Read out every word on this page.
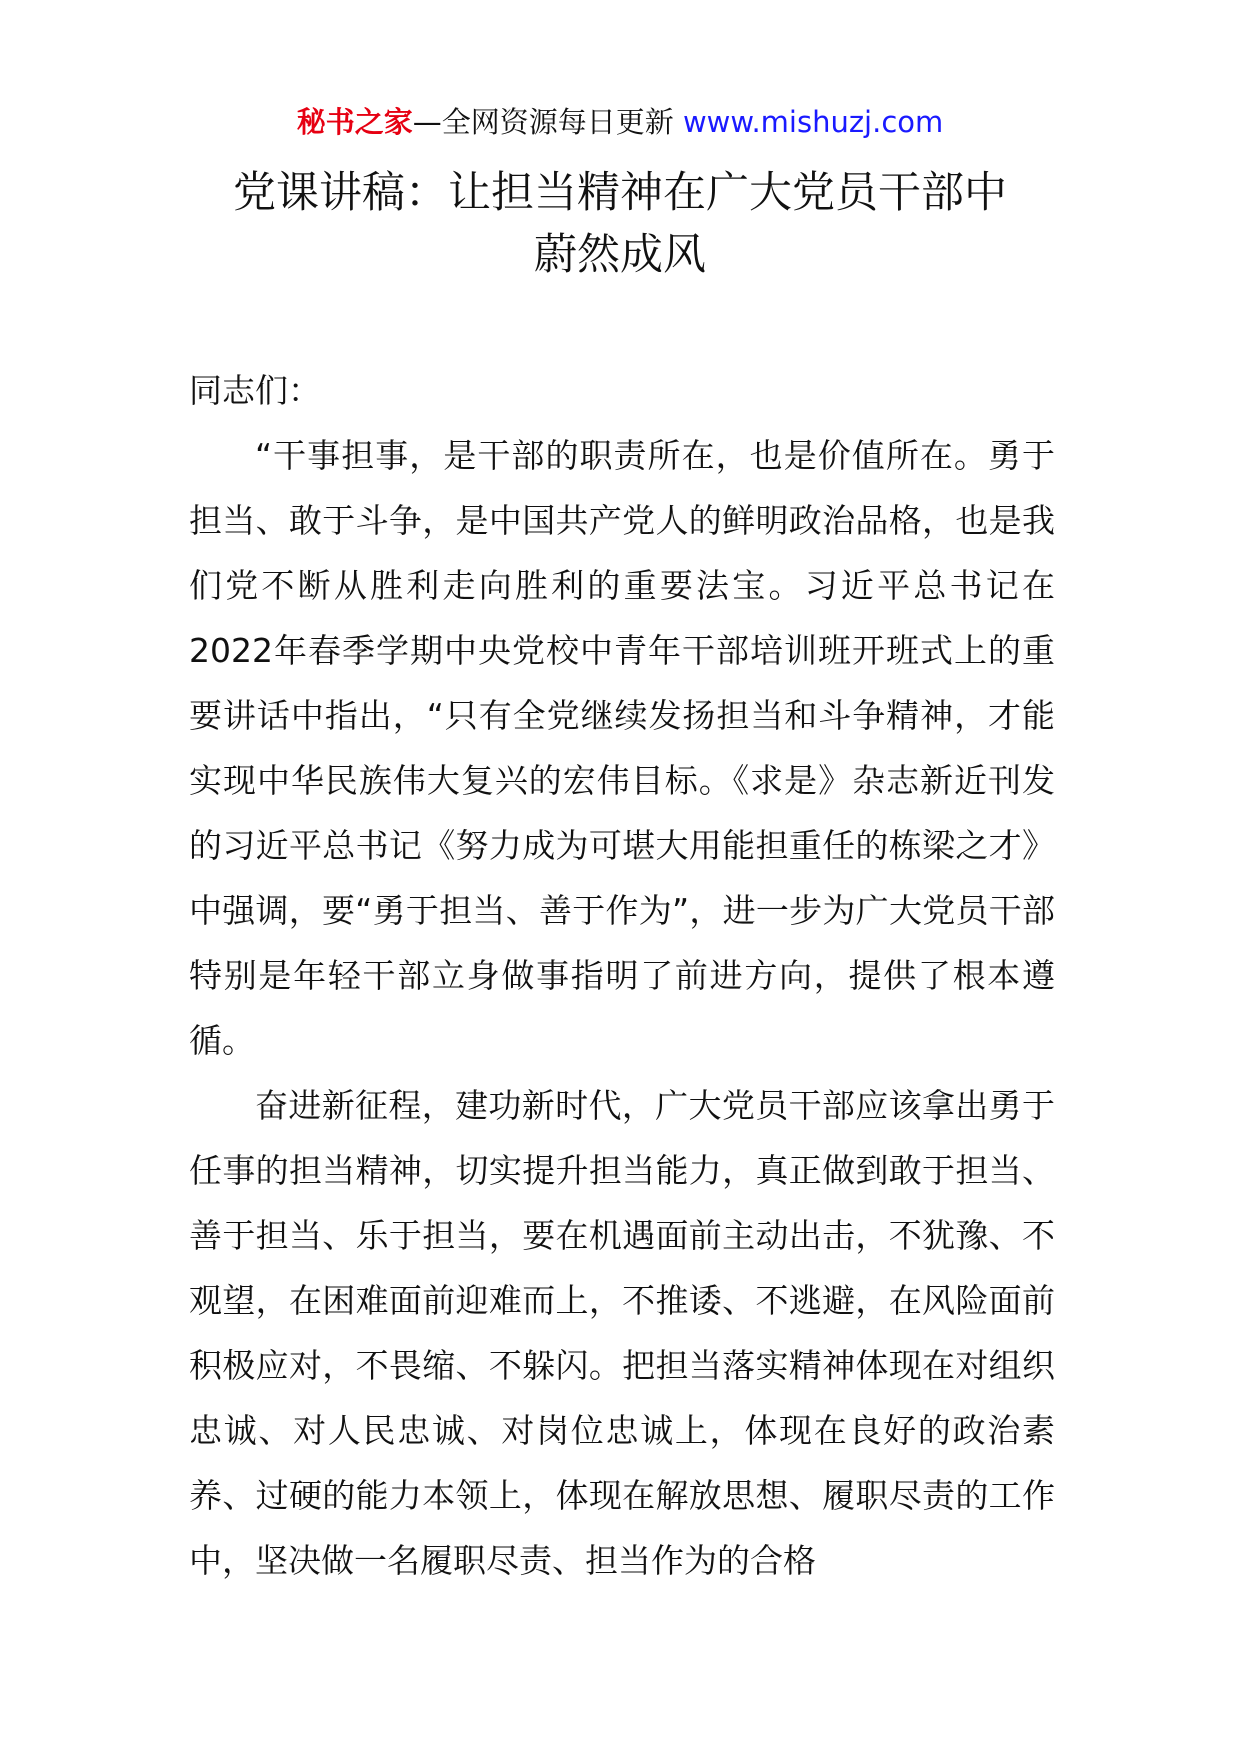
秘书之家—全网资源每日更新 www.mishuzj.com
党课讲稿：让担当精神在广大党员干部中
蔚然成风

同志们：

“干事担事，是干部的职责所在，也是价值所在。勇于担当、敢于斗争，是中国共产党人的鲜明政治品格，也是我们党不断从胜利走向胜利的重要法宝。习近平总书记在2022年春季学期中央党校中青年干部培训班开班式上的重要讲话中指出，“只有全党继续发扬担当和斗争精神，才能实现中华民族伟大复兴的宏伟目标。《求是》杂志新近刊发的习近平总书记《努力成为可堪大用能担重任的栋梁之才》中强调，要“勇于担当、善于作为”，进一步为广大党员干部特别是年轻干部立身做事指明了前进方向，提供了根本遵循。

奋进新征程，建功新时代，广大党员干部应该拿出勇于任事的担当精神，切实提升担当能力，真正做到敢于担当、 善于担当、乐于担当，要在机遇面前主动出击，不犹豫、不观望，在困难面前迎难而上，不推诿、不逃避，在风险面前积极应对，不畏缩、不躲闪。把担当落实精神体现在对组织忠诚、对人民忠诚、对岗位忠诚上，体现在良好的政治素养、过硬的能力本领上，体现在解放思想、履职尽责的工作中，坚决做一名履职尽责、担当作为的合格
